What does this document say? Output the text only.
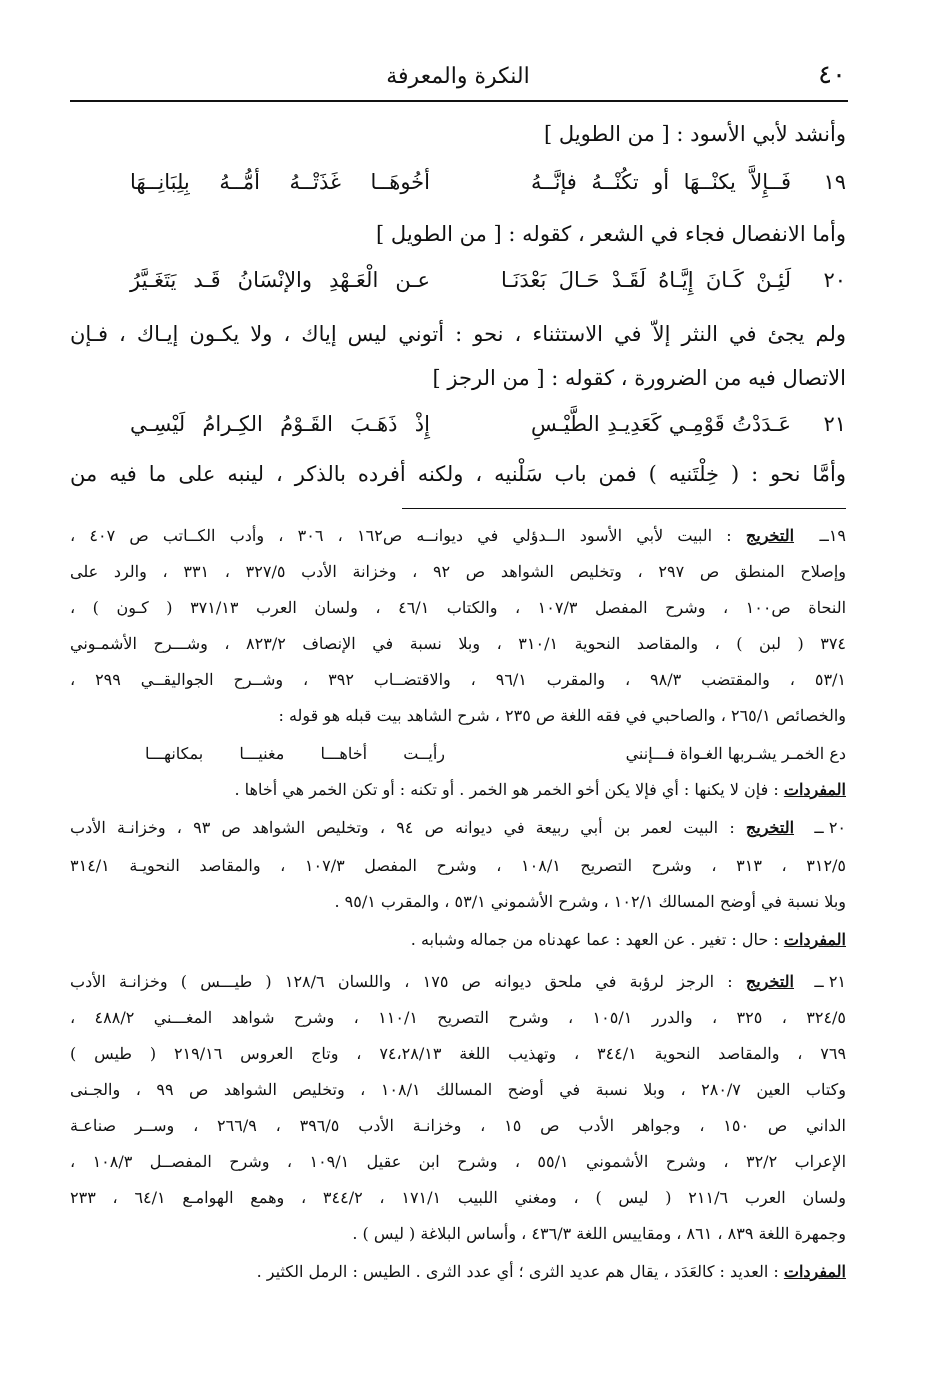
٤٠
النكرة والمعرفة
وأنشد لأبي الأسود : [ من الطويل ]
١٩
فَــإِلاَّ يكنْــهَا أو تكُنْــهُ فإنَّــهُ
أخُوهَــا غَذَتْــهُ أمُّــهُ بِلِبَانِــهَا
وأما الانفصال فجاء في الشعر ، كقوله : [ من الطويل ]
٢٠
لَئِـنْ كَـانَ إِيَّـاهُ لَقَـدْ حَـالَ بَعْدَنَـا
عـن الْعَـهْدِ والإنْسَانُ قَـد يَتَغَـيَّرُ
ولم يجئ في النثر إلاّ في الاستثناء ، نحو : أتوني ليس إياك ، ولا يكـون إيـاك ، فـإن
الاتصال فيه من الضرورة ، كقوله : [ من الرجز ]
٢١
عَـدَدْتُ قَوْمِـي كَعَدِيـدِ الطَّيْـسِ
إِذْ ذَهَـبَ القَـوْمُ الكِـرامُ لَيْسِـي
وأمَّا نحو : ( خِلْتَنيه ) فمن باب سَلْنيه ، ولكنه أفرده بالذكر ، لينبه على ما فيه من
١٩ــ
التخريج : البيت لأبي الأسود الــدؤلي في ديوانــه ص١٦٢ ، ٣٠٦ ، وأدب الكــاتب ص ٤٠٧ ،
وإصلاح المنطق ص ٢٩٧ ، وتخليص الشواهد ص ٩٢ ، وخزانة الأدب ٣٢٧/٥ ، ٣٣١ ، والرد على
النحاة ص١٠٠ ، وشرح المفصل ١٠٧/٣ ، والكتاب ٤٦/١ ، ولسان العرب ٣٧١/١٣ ( كـون ) ،
٣٧٤ ( لبن ) ، والمقاصد النحوية ٣١٠/١ ، وبلا نسبة في الإنصاف ٨٢٣/٢ ، وشـــرح الأشمـوني
٥٣/١ ، والمقتضب ٩٨/٣ ، والمقرب ٩٦/١ ، والاقتضــاب ٣٩٢ ، وشــرح الجواليقــي ٢٩٩ ،
والخصائص ٢٦٥/١ ، والصاحبي في فقه اللغة ص ٢٣٥ ، شرح الشاهد بيت قبله هو قوله :
دع الخمـر يشـربها الغـواة فـــإنني
رأيــت أخاهـــا مغنيـــا بمكانهـــا
المفردات : فإن لا يكنها : أي فإلا يكن أخو الخمر هو الخمر . أو تكنه : أو تكن الخمر هي أخاها .
٢٠ ــ
التخريج : البيت لعمر بن أبي ربيعة في ديوانه ص ٩٤ ، وتخليص الشواهد ص ٩٣ ، وخزانـة الأدب
٣١٢/٥ ، ٣١٣ ، وشرح التصريح ١٠٨/١ ، وشرح المفصل ١٠٧/٣ ، والمقاصد النحويـة ٣١٤/١
وبلا نسبة في أوضح المسالك ١٠٢/١ ، وشرح الأشموني ٥٣/١ ، والمقرب ٩٥/١ .
المفردات : حال : تغير . عن العهد : عما عهدناه من جماله وشبابه .
٢١ ــ
التخريج : الرجز لرؤبة في ملحق ديوانه ص ١٧٥ ، واللسان ١٢٨/٦ ( طيـــس ) وخزانـة الأدب
٣٢٤/٥ ، ٣٢٥ ، والدرر ١٠٥/١ ، وشرح التصريح ١١٠/١ ، وشرح شواهد المغـــني ٤٨٨/٢ ،
٧٦٩ ، والمقاصد النحوية ٣٤٤/١ ، وتهذيب اللغة ٧٤،٢٨/١٣ ، وتاج العروس ٢١٩/١٦ ( طيس )
وكتاب العين ٢٨٠/٧ ، وبلا نسبة في أوضح المسالك ١٠٨/١ ، وتخليص الشواهد ص ٩٩ ، والجـنى
الداني ص ١٥٠ ، وجواهر الأدب ص ١٥ ، وخزانـة الأدب ٣٩٦/٥ ، ٢٦٦/٩ ، وســر صناعـة
الإعراب ٣٢/٢ ، وشرح الأشموني ٥٥/١ ، وشرح ابن عقيل ١٠٩/١ ، وشرح المفصــل ١٠٨/٣ ،
ولسان العرب ٢١١/٦ ( ليس ) ، ومغني اللبيب ١٧١/١ ، ٣٤٤/٢ ، وهمع الهوامـع ٦٤/١ ، ٢٣٣
وجمهرة اللغة ٨٣٩ ، ٨٦١ ، ومقاييس اللغة ٤٣٦/٣ ، وأساس البلاغة ( ليس ) .
المفردات : العديد : كالعَدَد ، يقال هم عديد الثرى ؛ أي عدد الثرى . الطيس : الرمل الكثير .
